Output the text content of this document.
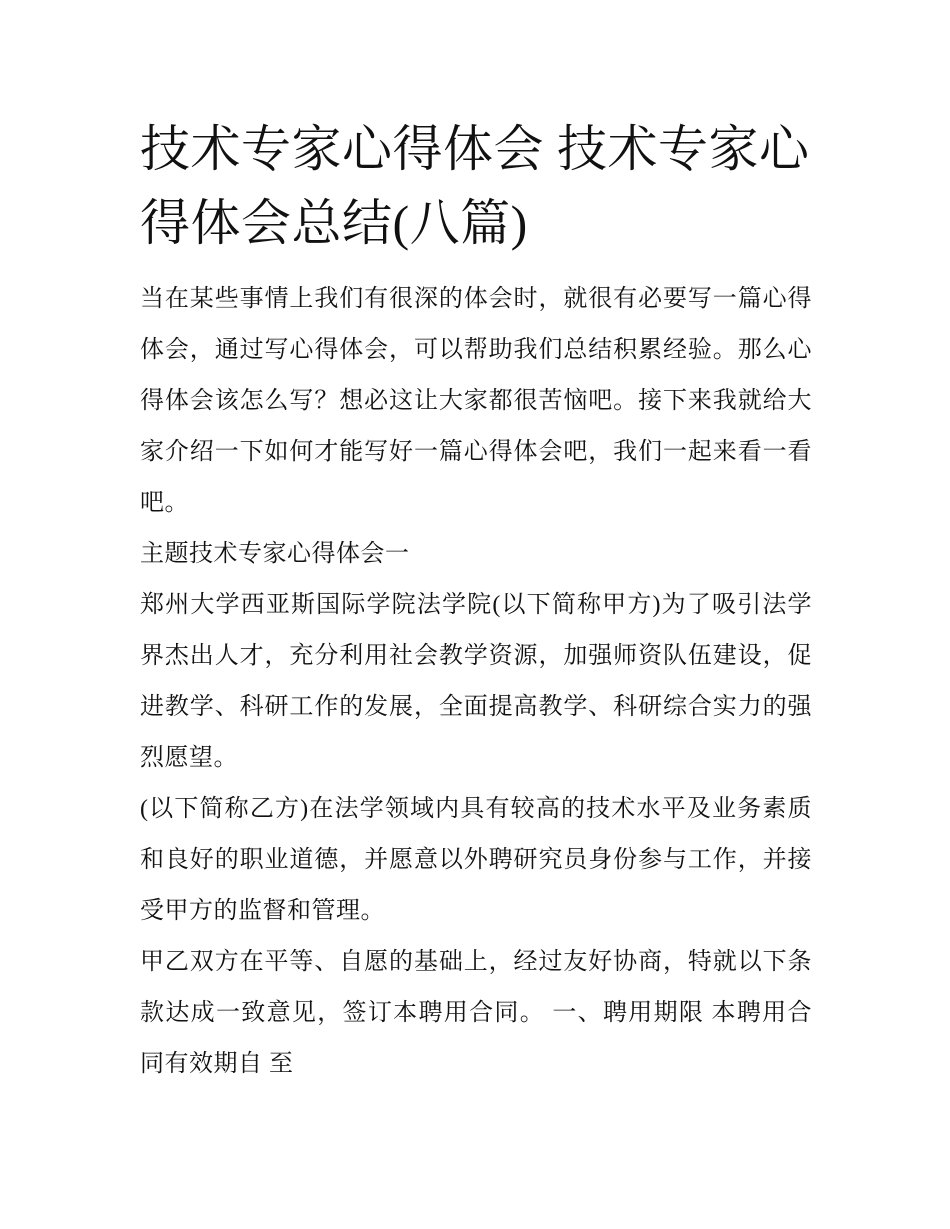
技术专家心得体会 技术专家心得体会总结(八篇)

当在某些事情上我们有很深的体会时，就很有必要写一篇心得体会，通过写心得体会，可以帮助我们总结积累经验。那么心得体会该怎么写？想必这让大家都很苦恼吧。接下来我就给大家介绍一下如何才能写好一篇心得体会吧，我们一起来看一看吧。

主题技术专家心得体会一

郑州大学西亚斯国际学院法学院(以下简称甲方)为了吸引法学界杰出人才，充分利用社会教学资源，加强师资队伍建设，促进教学、科研工作的发展，全面提高教学、科研综合实力的强烈愿望。

(以下简称乙方)在法学领域内具有较高的技术水平及业务素质和良好的职业道德，并愿意以外聘研究员身份参与工作，并接受甲方的监督和管理。

甲乙双方在平等、自愿的基础上，经过友好协商，特就以下条款达成一致意见，签订本聘用合同。 一、聘用期限 本聘用合同有效期自 至
